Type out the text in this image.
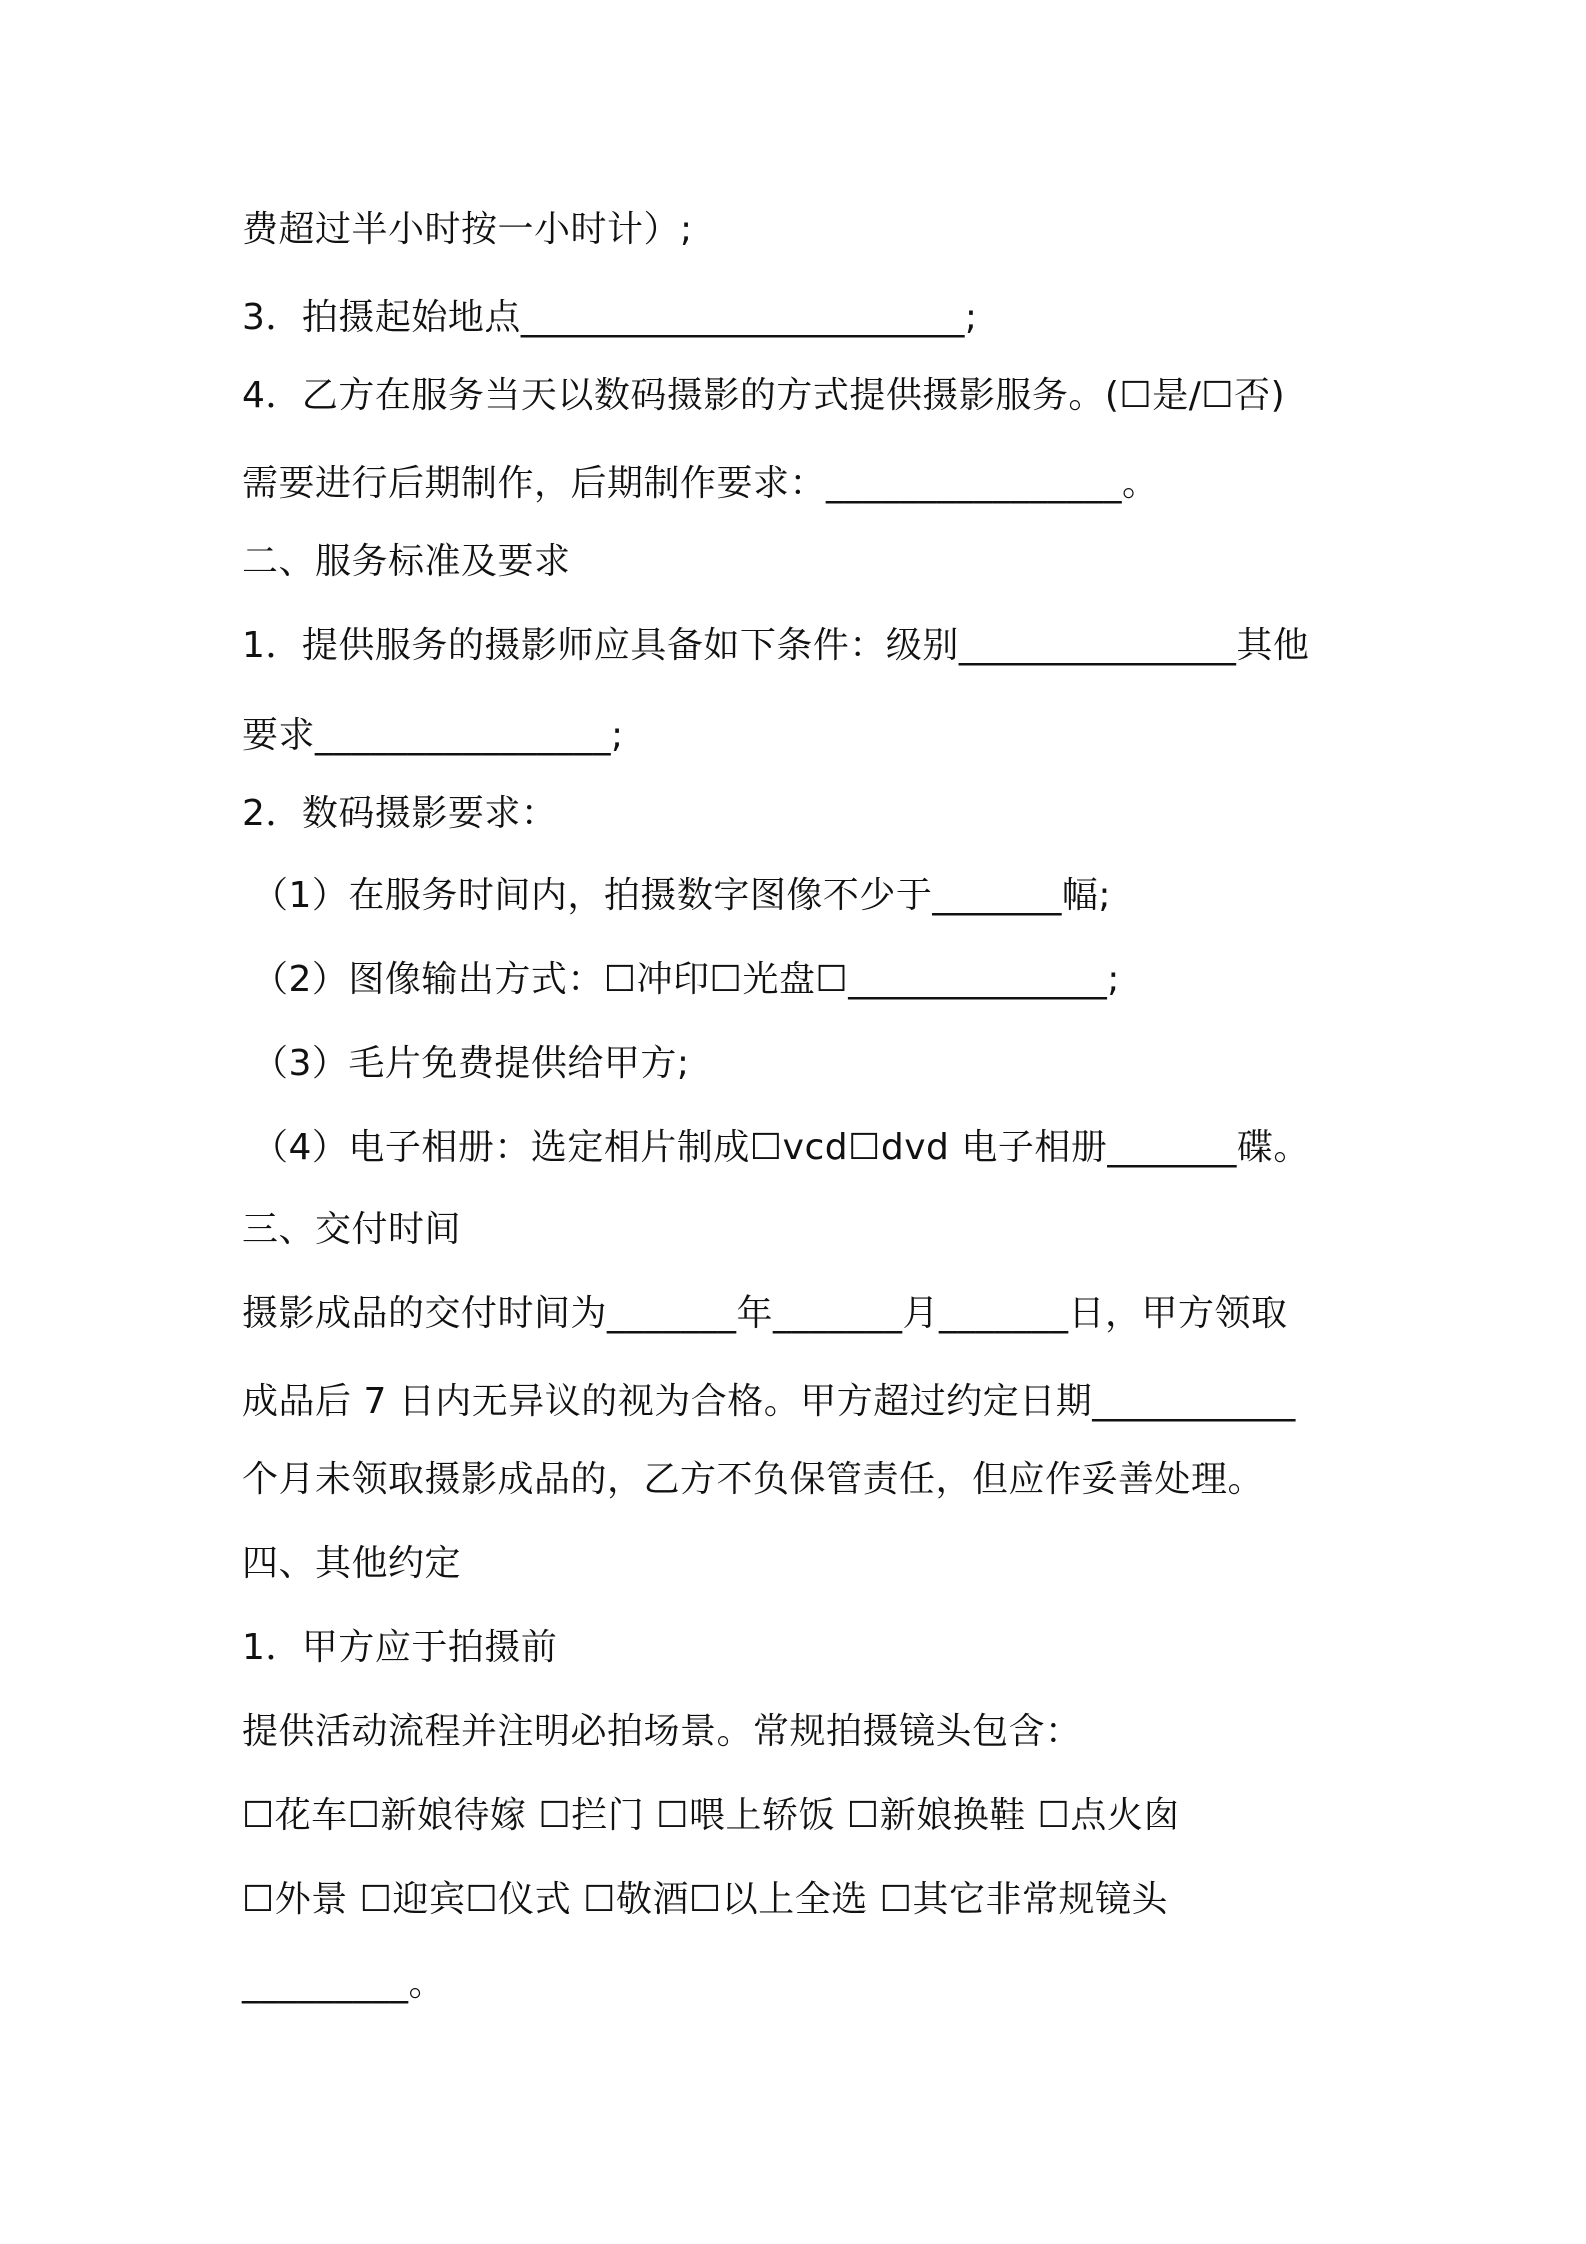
费超过半小时按一小时计）;
3．拍摄起始地点________________________;
4．乙方在服务当天以数码摄影的方式提供摄影服务。(☐是/☐否)
需要进行后期制作，后期制作要求：________________。
二、服务标准及要求
1．提供服务的摄影师应具备如下条件：级别_______________其他
要求________________;
2．数码摄影要求：
（1）在服务时间内，拍摄数字图像不少于_______幅;
（2）图像输出方式：☐冲印☐光盘☐______________;
（3）毛片免费提供给甲方;
（4）电子相册：选定相片制成☐vcd☐dvd 电子相册_______碟。
三、交付时间
摄影成品的交付时间为_______年_______月_______日，甲方领取
成品后 7 日内无异议的视为合格。甲方超过约定日期___________
个月未领取摄影成品的，乙方不负保管责任，但应作妥善处理。
四、其他约定
1．甲方应于拍摄前
提供活动流程并注明必拍场景。常规拍摄镜头包含：
☐花车☐新娘待嫁 ☐拦门 ☐喂上轿饭 ☐新娘换鞋 ☐点火囱
☐外景 ☐迎宾☐仪式 ☐敬酒☐以上全选 ☐其它非常规镜头
_________。
